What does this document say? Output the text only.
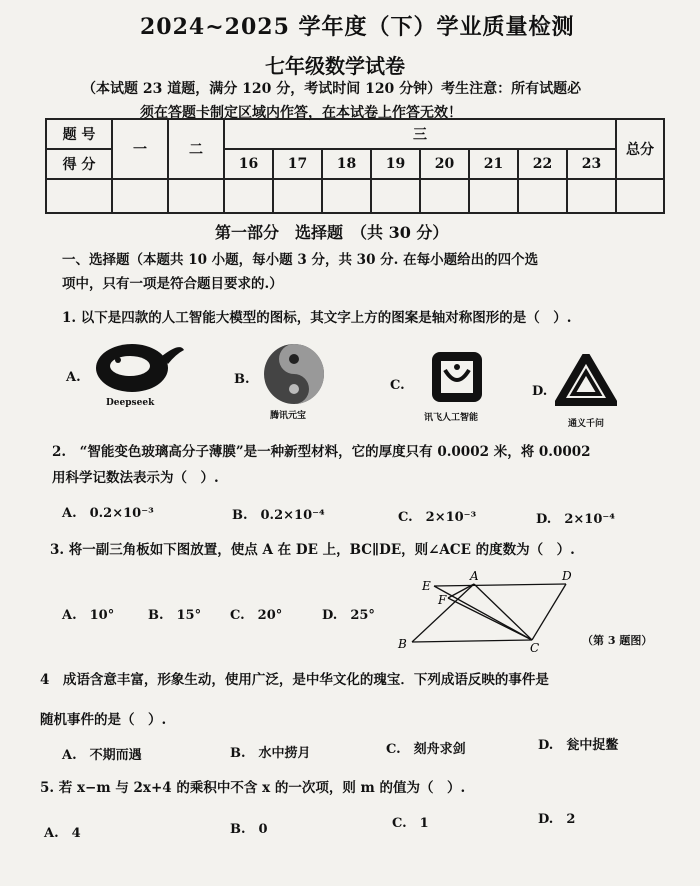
2024~2025 学年度（下）学业质量检测
七年级数学试卷
（本试题 23 道题，满分 120 分，考试时间 120 分钟）考生注意：所有试题必
须在答题卡制定区域内作答，在本试卷上作答无效！
题 号	一	二	三								总分
得 分			16	17	18	19	20	21	22	23	

第一部分　选择题　（共 30 分）
一、选择题（本题共 10 小题，每小题 3 分，共 30 分. 在每小题给出的四个选
项中，只有一项是符合题目要求的.）
1. 以下是四款的人工智能大模型的图标，其文字上方的图案是轴对称图形的是（　）.
A.
Deepseek
B.
腾讯元宝
C.
讯飞人工智能
D.
通义千问
2.　“智能变色玻璃高分子薄膜”是一种新型材料，它的厚度只有 0.0002 米，将 0.0002
用科学记数法表示为（　）.
A.　0.2×10⁻³	B.　0.2×10⁻⁴	C.　2×10⁻³	D.　2×10⁻⁴
3. 将一副三角板如下图放置，使点 A 在 DE 上，BC∥DE，则∠ACE 的度数为（　）.
A.　10°	B.　15° C.　20°	D.　25°
E
A	D
F
B	C
（第 3 题图）
4　成语含意丰富，形象生动，使用广泛，是中华文化的瑰宝．下列成语反映的事件是
随机事件的是（　）.
A.　不期而遇	B.　水中捞月	C.　刻舟求剑	D.　瓮中捉鳖
5. 若 x−m 与 2x+4 的乘积中不含 x 的一次项，则 m 的值为（　）.
A.　4	B.　0	C.　1	D.　2
